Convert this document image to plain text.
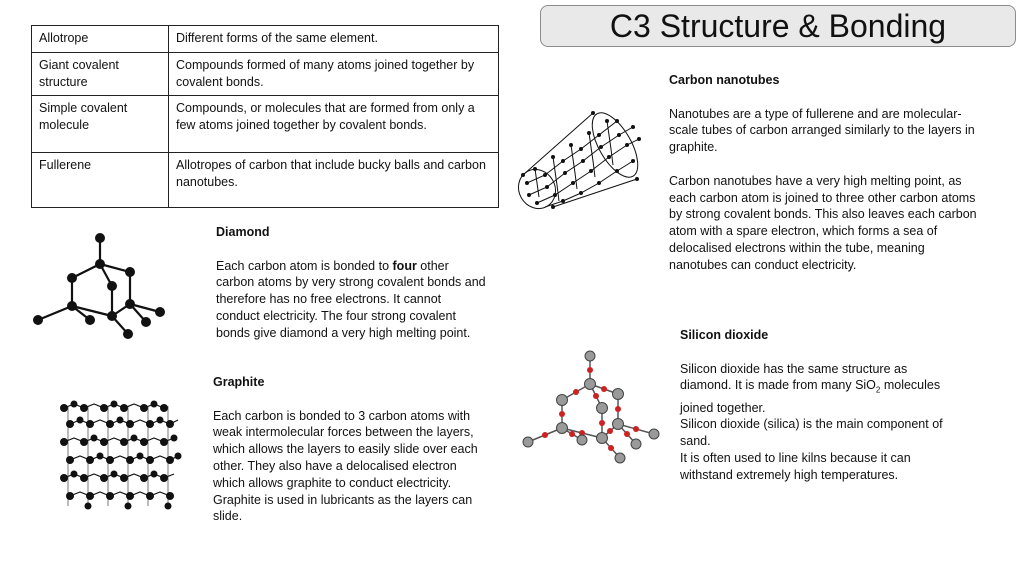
C3 Structure & Bonding
Allotrope	Different forms of the same element.
Giant covalent structure	Compounds formed of many atoms joined together by covalent bonds.
Simple covalent molecule	Compounds, or molecules that are formed from only a few atoms joined together by covalent bonds.
Fullerene	Allotropes of carbon that include bucky balls and carbon nanotubes.
Diamond

Each carbon atom is bonded to four other carbon atoms by very strong covalent bonds and therefore has no free electrons. It cannot conduct electricity. The four strong covalent bonds give diamond a very high melting point.

Graphite

Each carbon is bonded to 3 carbon atoms with weak intermolecular forces between the layers, which allows the layers to easily slide over each other. They also have a delocalised electron which allows graphite to conduct electricity. Graphite is used in lubricants as the layers can slide.

Carbon nanotubes

Nanotubes are a type of fullerene and are molecular-scale tubes of carbon arranged similarly to the layers in graphite.

Carbon nanotubes have a very high melting point, as each carbon atom is joined to three other carbon atoms by strong covalent bonds. This also leaves each carbon atom with a spare electron, which forms a sea of delocalised electrons within the tube, meaning nanotubes can conduct electricity.

Silicon dioxide

Silicon dioxide has the same structure as diamond. It is made from many SiO$_2$ molecules joined together.

Silicon dioxide (silica) is the main component of sand.

It is often used to line kilns because it can withstand extremely high temperatures.
